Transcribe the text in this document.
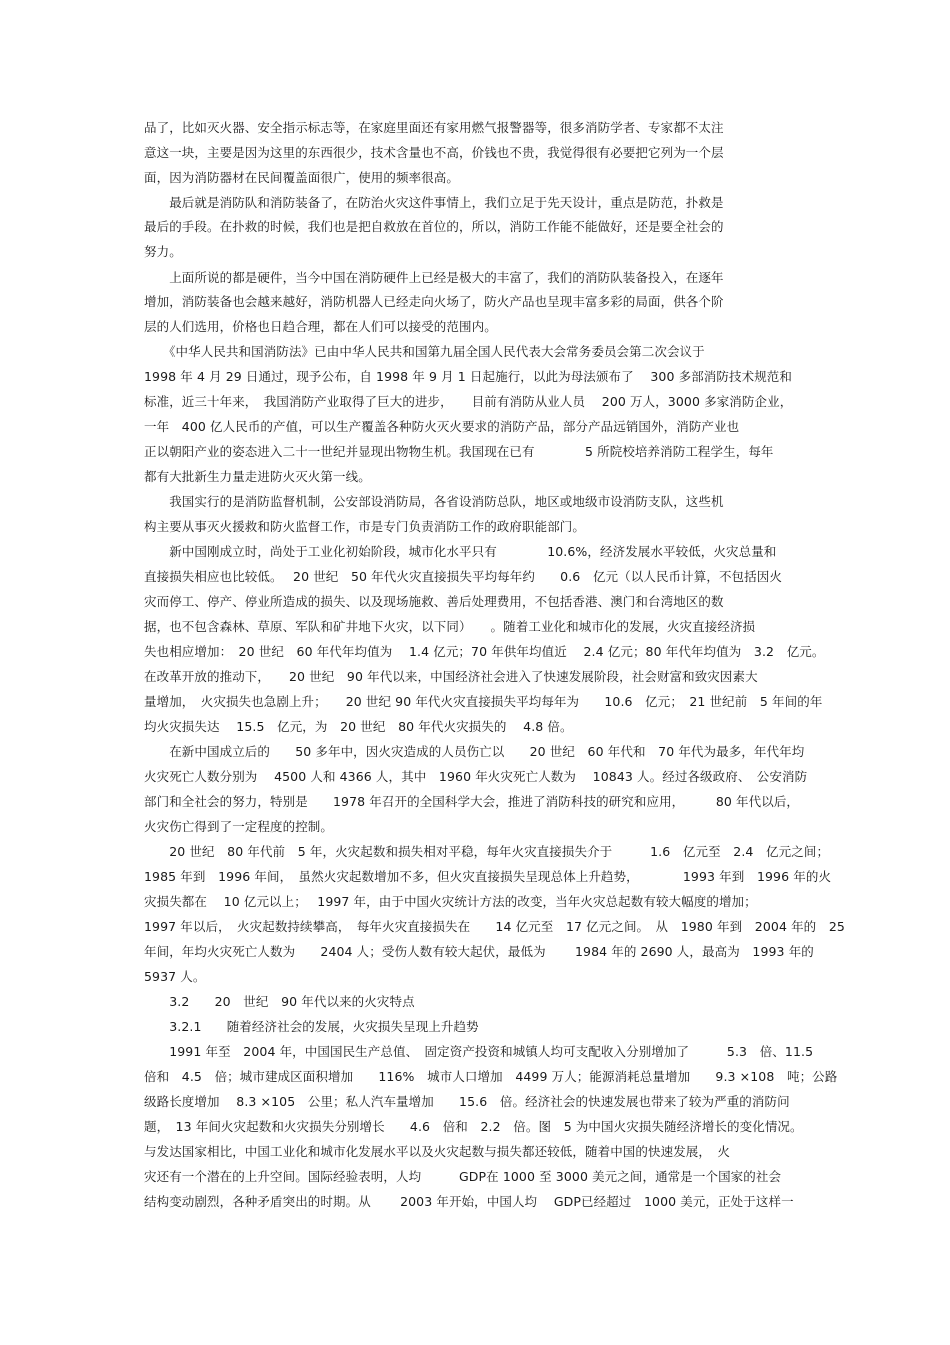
品了，比如灭火器、安全指示标志等，在家庭里面还有家用燃气报警器等，很多消防学者、专家都不太注
意这一块，主要是因为这里的东西很少，技术含量也不高，价钱也不贵，我觉得很有必要把它列为一个层
面，因为消防器材在民间覆盖面很广，使用的频率很高。
　　最后就是消防队和消防装备了，在防治火灾这件事情上，我们立足于先天设计，重点是防范，扑救是
最后的手段。在扑救的时候，我们也是把自救放在首位的，所以，消防工作能不能做好，还是要全社会的
努力。
　　上面所说的都是硬件，当今中国在消防硬件上已经是极大的丰富了，我们的消防队装备投入，在逐年
增加，消防装备也会越来越好，消防机器人已经走向火场了，防火产品也呈现丰富多彩的局面，供各个阶
层的人们选用，价格也日趋合理，都在人们可以接受的范围内。
　　《中华人民共和国消防法》已由中华人民共和国第九届全国人民代表大会常务委员会第二次会议于
1998 年 4 月 29 日通过，现予公布，自 1998 年 9 月 1 日起施行，以此为母法颁布了　 300 多部消防技术规范和
标准，近三十年来，　我国消防产业取得了巨大的进步，　　目前有消防从业人员　 200 万人，3000 多家消防企业，
一年　400 亿人民币的产值，可以生产覆盖各种防火灭火要求的消防产品，部分产品远销国外，消防产业也
正以朝阳产业的姿态进入二十一世纪并显现出物物生机。我国现在已有　　　　5 所院校培养消防工程学生，每年
都有大批新生力量走进防火灭火第一线。
　　我国实行的是消防监督机制，公安部设消防局，各省设消防总队，地区或地级市设消防支队，这些机
构主要从事灭火援救和防火监督工作，市是专门负责消防工作的政府职能部门。
　　新中国刚成立时，尚处于工业化初始阶段，城市化水平只有　　　　10.6%，经济发展水平较低，火灾总量和
直接损失相应也比较低。　 20 世纪　50 年代火灾直接损失平均每年约　　0.6　亿元（以人民币计算，不包括因火
灾而停工、停产、停业所造成的损失、以及现场施救、善后处理费用，不包括香港、澳门和台湾地区的数
据，也不包含森林、草原、军队和矿井地下火灾，以下同）　　。随着工业化和城市化的发展，火灾直接经济损
失也相应增加：　20 世纪　60 年代年均值为　 1.4 亿元；70 年供年均值近　 2.4 亿元；80 年代年均值为　3.2　亿元。
在改革开放的推动下，　　20 世纪　90 年代以来，中国经济社会进入了快速发展阶段，社会财富和致灾因素大
量增加，　火灾损失也急剧上升；　　20 世纪 90 年代火灾直接损失平均每年为　　10.6　亿元；　21 世纪前　5 年间的年
均火灾损失达　 15.5　亿元，为　20 世纪　80 年代火灾损失的　 4.8 倍。
　　在新中国成立后的　　50 多年中，因火灾造成的人员伤亡以　　20 世纪　60 年代和　70 年代为最多，年代年均
火灾死亡人数分别为　 4500 人和 4366 人，其中　1960 年火灾死亡人数为　 10843 人。经过各级政府、　公安消防
部门和全社会的努力，特别是　　1978 年召开的全国科学大会，推进了消防科技的研究和应用，　　　80 年代以后，
火灾伤亡得到了一定程度的控制。
　　20 世纪　80 年代前　5 年，火灾起数和损失相对平稳，每年火灾直接损失介于　　　1.6　亿元至　2.4　亿元之间；
1985 年到　1996 年间，　虽然火灾起数增加不多，但火灾直接损失呈现总体上升趋势，　　　　1993 年到　1996 年的火
灾损失都在　 10 亿元以上；　 1997 年，由于中国火灾统计方法的改变，当年火灾总起数有较大幅度的增加；
1997 年以后，　火灾起数持续攀高，　每年火灾直接损失在　　14 亿元至　17 亿元之间。　从　1980 年到　2004 年的　25
年间，年均火灾死亡人数为　　2404 人；受伤人数有较大起伏，最低为　　 1984 年的 2690 人，最高为　1993 年的
5937 人。
　　3.2　　20　世纪　90 年代以来的火灾特点
　　3.2.1　　随着经济社会的发展，火灾损失呈现上升趋势
　　1991 年至　2004 年，中国国民生产总值、　固定资产投资和城镇人均可支配收入分别增加了　　　5.3　倍、11.5
倍和　4.5　倍；城市建成区面积增加　　116%　城市人口增加　4499 万人；能源消耗总量增加　　9.3 ×108　吨；公路
级路长度增加　 8.3 ×105　公里；私人汽车量增加　　15.6　倍。经济社会的快速发展也带来了较为严重的消防问
题，　13 年间火灾起数和火灾损失分别增长　　4.6　倍和　2.2　倍。图　5 为中国火灾损失随经济增长的变化情况。
与发达国家相比，中国工业化和城市化发展水平以及火灾起数与损失都还较低，随着中国的快速发展，　火
灾还有一个潜在的上升空间。国际经验表明，人均　　　GDP在 1000 至 3000 美元之间，通常是一个国家的社会
结构变动剧烈，各种矛盾突出的时期。从　　 2003 年开始，中国人均　 GDP已经超过　1000 美元，正处于这样一
